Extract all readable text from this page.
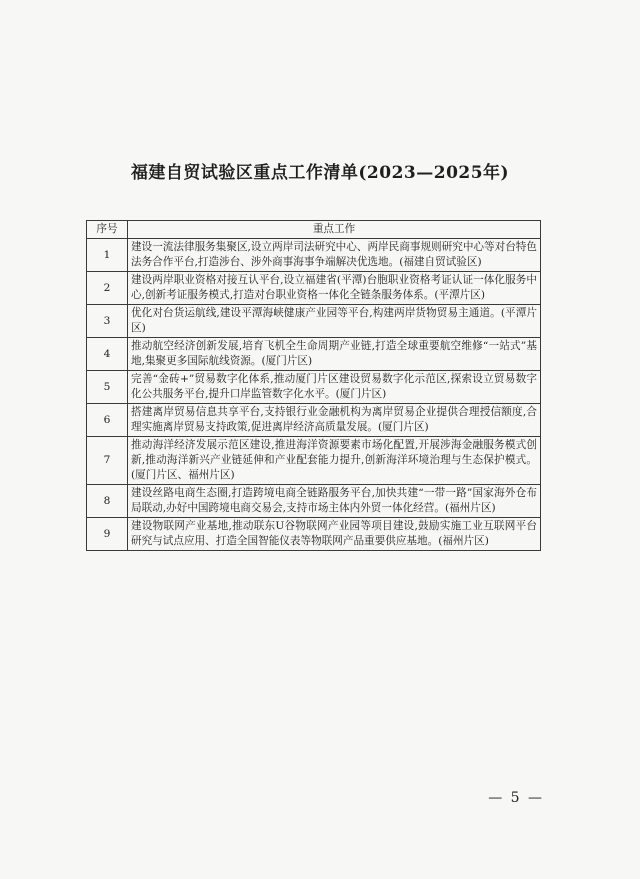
福建自贸试验区重点工作清单(2023—2025年)
序号	重点工作
1	建设一流法律服务集聚区,设立两岸司法研究中心、两岸民商事规则研究中心等对台特色法务合作平台,打造涉台、涉外商事海事争端解决优选地。(福建自贸试验区)
2	建设两岸职业资格对接互认平台,设立福建省(平潭)台胞职业资格考证认证一体化服务中心,创新考证服务模式,打造对台职业资格一体化全链条服务体系。(平潭片区)
3	优化对台货运航线,建设平潭海峡健康产业园等平台,构建两岸货物贸易主通道。(平潭片区)
4	推动航空经济创新发展,培育飞机全生命周期产业链,打造全球重要航空维修“一站式”基地,集聚更多国际航线资源。(厦门片区)
5	完善“金砖+”贸易数字化体系,推动厦门片区建设贸易数字化示范区,探索设立贸易数字化公共服务平台,提升口岸监管数字化水平。(厦门片区)
6	搭建离岸贸易信息共享平台,支持银行业金融机构为离岸贸易企业提供合理授信额度,合理实施离岸贸易支持政策,促进离岸经济高质量发展。(厦门片区)
7	推动海洋经济发展示范区建设,推进海洋资源要素市场化配置,开展涉海金融服务模式创新,推动海洋新兴产业链延伸和产业配套能力提升,创新海洋环境治理与生态保护模式。(厦门片区、福州片区)
8	建设丝路电商生态圈,打造跨境电商全链路服务平台,加快共建“一带一路”国家海外仓布局联动,办好中国跨境电商交易会,支持市场主体内外贸一体化经营。(福州片区)
9	建设物联网产业基地,推动联东U谷物联网产业园等项目建设,鼓励实施工业互联网平台研究与试点应用、打造全国智能仪表等物联网产品重要供应基地。(福州片区)
— 5 —
